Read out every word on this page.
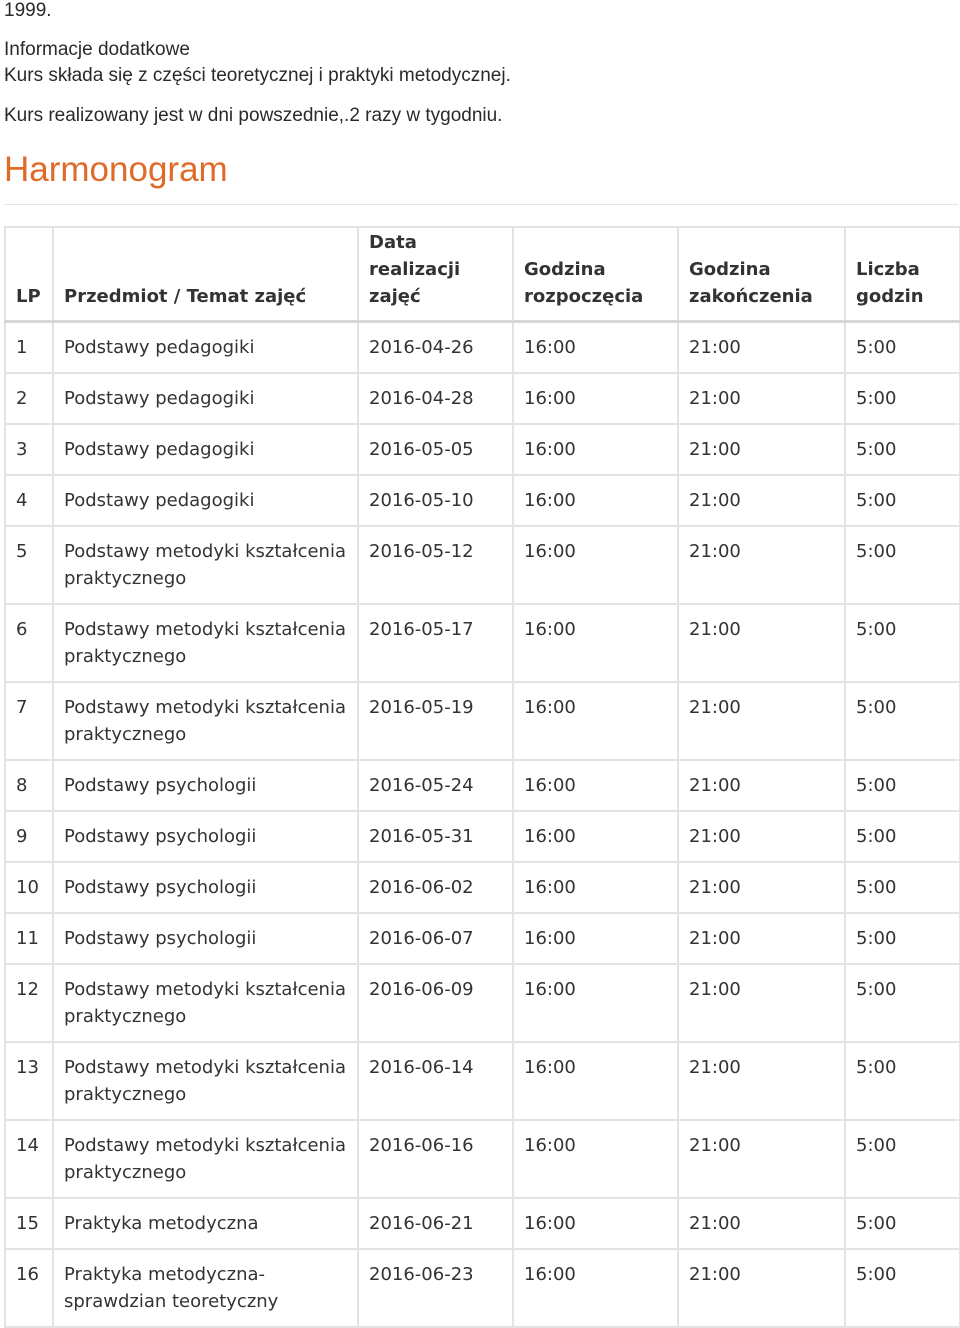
1999.
Informacje dodatkowe
Kurs składa się z części teoretycznej i praktyki metodycznej.
Kurs realizowany jest w dni powszednie,.2 razy w tygodniu.
Harmonogram
LP	Przedmiot / Temat zajęć	Data realizacji zajęć	Godzina rozpoczęcia	Godzina zakończenia	Liczba godzin
1	Podstawy pedagogiki	2016-04-26	16:00	21:00	5:00
2	Podstawy pedagogiki	2016-04-28	16:00	21:00	5:00
3	Podstawy pedagogiki	2016-05-05	16:00	21:00	5:00
4	Podstawy pedagogiki	2016-05-10	16:00	21:00	5:00
5	Podstawy metodyki kształcenia praktycznego	2016-05-12	16:00	21:00	5:00
6	Podstawy metodyki kształcenia praktycznego	2016-05-17	16:00	21:00	5:00
7	Podstawy metodyki kształcenia praktycznego	2016-05-19	16:00	21:00	5:00
8	Podstawy psychologii	2016-05-24	16:00	21:00	5:00
9	Podstawy psychologii	2016-05-31	16:00	21:00	5:00
10	Podstawy psychologii	2016-06-02	16:00	21:00	5:00
11	Podstawy psychologii	2016-06-07	16:00	21:00	5:00
12	Podstawy metodyki kształcenia praktycznego	2016-06-09	16:00	21:00	5:00
13	Podstawy metodyki kształcenia praktycznego	2016-06-14	16:00	21:00	5:00
14	Podstawy metodyki kształcenia praktycznego	2016-06-16	16:00	21:00	5:00
15	Praktyka metodyczna	2016-06-21	16:00	21:00	5:00
16	Praktyka metodyczna-sprawdzian teoretyczny	2016-06-23	16:00	21:00	5:00
